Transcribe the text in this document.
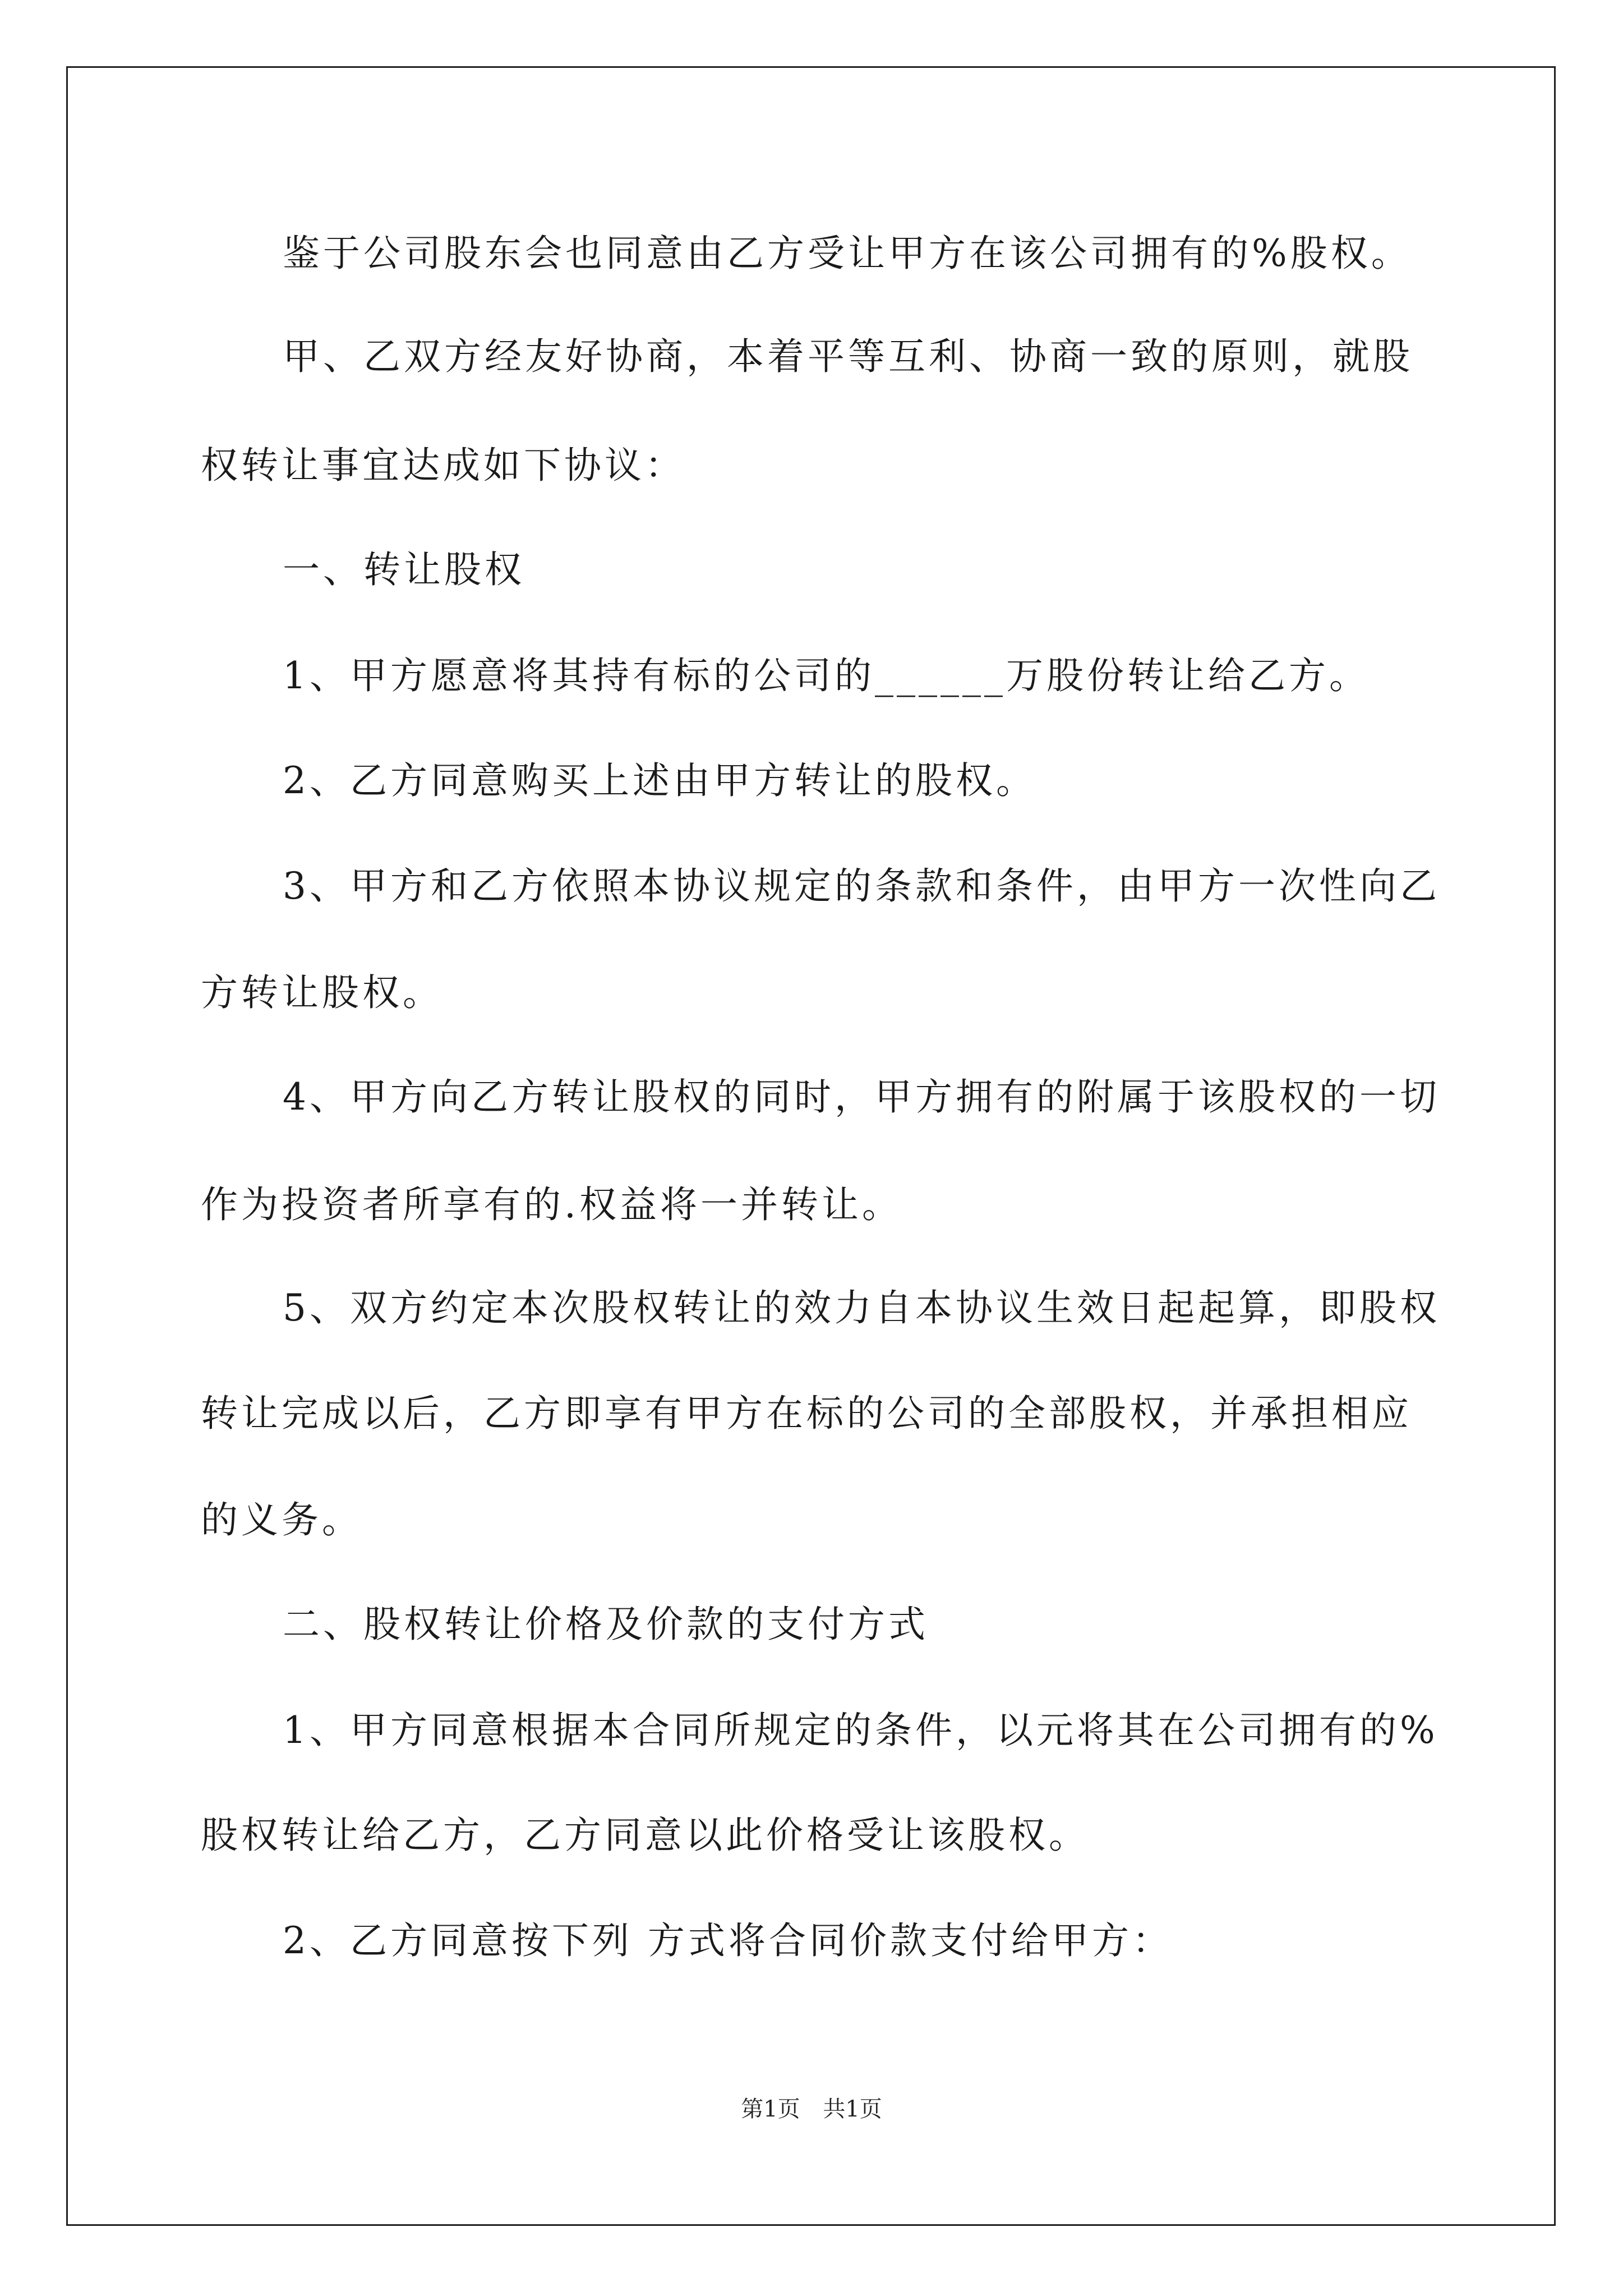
鉴于公司股东会也同意由乙方受让甲方在该公司拥有的%股权。
甲、乙双方经友好协商，本着平等互利、协商一致的原则，就股
权转让事宜达成如下协议：
一、转让股权
1、甲方愿意将其持有标的公司的______万股份转让给乙方。
2、乙方同意购买上述由甲方转让的股权。
3、甲方和乙方依照本协议规定的条款和条件，由甲方一次性向乙
方转让股权。
4、甲方向乙方转让股权的同时，甲方拥有的附属于该股权的一切
作为投资者所享有的.权益将一并转让。
5、双方约定本次股权转让的效力自本协议生效日起起算，即股权
转让完成以后，乙方即享有甲方在标的公司的全部股权，并承担相应
的义务。
二、股权转让价格及价款的支付方式
1、甲方同意根据本合同所规定的条件，以元将其在公司拥有的%
股权转让给乙方，乙方同意以此价格受让该股权。
2、乙方同意按下列 方式将合同价款支付给甲方：
第1页 共1页
